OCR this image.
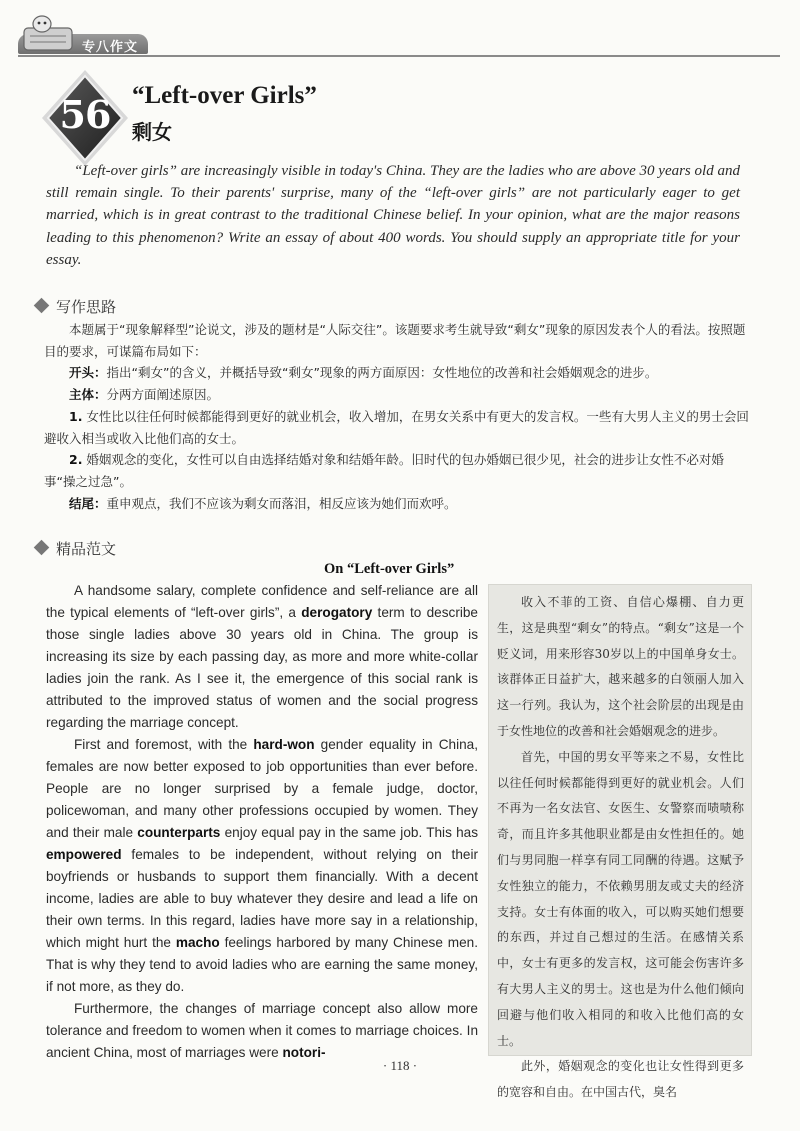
专八作文
56 “Left-over Girls”
剩女
“Left-over girls” are increasingly visible in today's China. They are the ladies who are above 30 years old and still remain single. To their parents' surprise, many of the “left-over girls” are not particularly eager to get married, which is in great contrast to the traditional Chinese belief. In your opinion, what are the major reasons leading to this phenomenon? Write an essay of about 400 words. You should supply an appropriate title for your essay.
写作思路

本题属于“现象解释型”论说文，涉及的题材是“人际交往”。该题要求考生就导致“剩女”现象的原因发表个人的看法。按照题目的要求，可谋篇布局如下：

开头：指出“剩女”的含义，并概括导致“剩女”现象的两方面原因：女性地位的改善和社会婚姻观念的进步。

主体：分两方面阐述原因。

1. 女性比以往任何时候都能得到更好的就业机会，收入增加，在男女关系中有更大的发言权。一些有大男人主义的男士会回避收入相当或收入比他们高的女士。

2. 婚姻观念的变化，女性可以自由选择结婚对象和结婚年龄。旧时代的包办婚姻已很少见，社会的进步让女性不必对婚事“操之过急”。

结尾：重申观点，我们不应该为剩女而落泪，相反应该为她们而欢呼。

精品范文
On “Left-over Girls”

A handsome salary, complete confidence and self-reliance are all the typical elements of “left-over girls”, a derogatory term to describe those single ladies above 30 years old in China. The group is increasing its size by each passing day, as more and more white-collar ladies join the rank. As I see it, the emergence of this social rank is attributed to the improved status of women and the social progress regarding the marriage concept.

First and foremost, with the hard-won gender equality in China, females are now better exposed to job opportunities than ever before. People are no longer surprised by a female judge, doctor, policewoman, and many other professions occupied by women. They and their male counterparts enjoy equal pay in the same job. This has empowered females to be independent, without relying on their boyfriends or husbands to support them financially. With a decent income, ladies are able to buy whatever they desire and lead a life on their own terms. In this regard, ladies have more say in a relationship, which might hurt the macho feelings harbored by many Chinese men. That is why they tend to avoid ladies who are earning the same money, if not more, as they do.

Furthermore, the changes of marriage concept also allow more tolerance and freedom to women when it comes to marriage choices. In ancient China, most of marriages were notori-

收入不菲的工资、自信心爆棚、自力更生，这是典型“剩女”的特点。“剩女”这是一个贬义词，用来形容30岁以上的中国单身女士。该群体正日益扩大，越来越多的白领丽人加入这一行列。我认为，这个社会阶层的出现是由于女性地位的改善和社会婚姻观念的进步。

首先，中国的男女平等来之不易，女性比以往任何时候都能得到更好的就业机会。人们不再为一名女法官、女医生、女警察而啧啧称奇，而且许多其他职业都是由女性担任的。她们与男同胞一样享有同工同酬的待遇。这赋予女性独立的能力，不依赖男朋友或丈夫的经济支持。女士有体面的收入，可以购买她们想要的东西，并过自己想过的生活。在感情关系中，女士有更多的发言权，这可能会伤害许多有大男人主义的男士。这也是为什么他们倾向回避与他们收入相同的和收入比他们高的女士。

此外，婚姻观念的变化也让女性得到更多的宽容和自由。在中国古代，臭名

· 118 ·
